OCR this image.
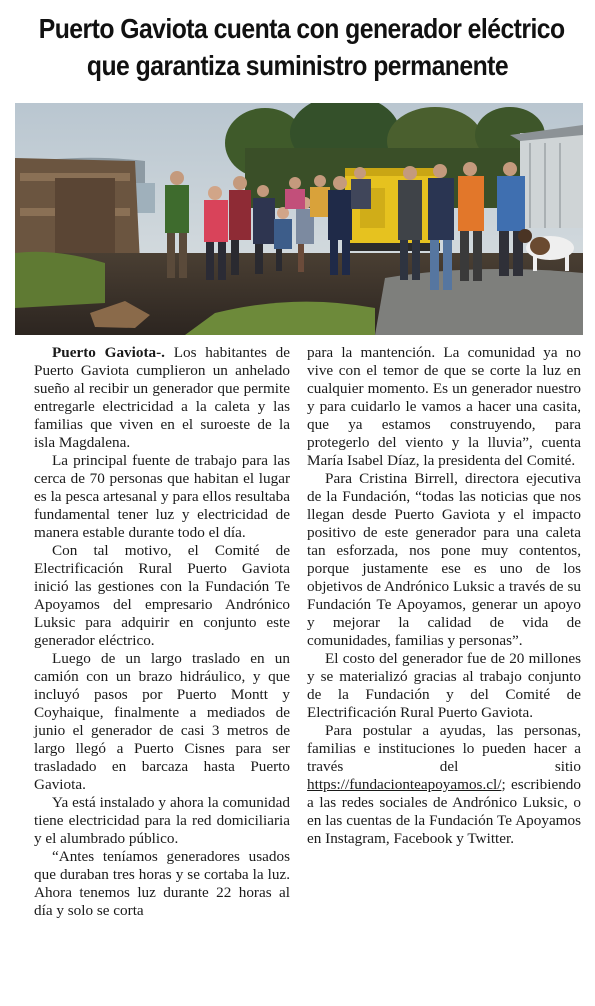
Puerto Gaviota cuenta con generador eléctrico
que garantiza suministro permanente

Puerto Gaviota-. Los habitantes de Puerto Gaviota cumplieron un anhelado sueño al recibir un generador que permite entregarle electricidad a la caleta y las familias que viven en el suroeste de la isla Magdalena.

La principal fuente de trabajo para las cerca de 70 personas que habitan el lugar es la pesca artesanal y para ellos resultaba fundamental tener luz y electricidad de manera estable durante todo el día.

Con tal motivo, el Comité de Electrificación Rural Puerto Gaviota inició las gestiones con la Fundación Te Apoyamos del empresario Andrónico Luksic para adquirir en conjunto este generador eléctrico.

Luego de un largo traslado en un camión con un brazo hidráulico, y que incluyó pasos por Puerto Montt y Coyhaique, finalmente a mediados de junio el generador de casi 3 metros de largo llegó a Puerto Cisnes para ser trasladado en barcaza hasta Puerto Gaviota.

Ya está instalado y ahora la comunidad tiene electricidad para la red domiciliaria y el alumbrado público.

“Antes teníamos generadores usados que duraban tres horas y se cortaba la luz. Ahora tenemos luz durante 22 horas al día y solo se corta

para la mantención. La comunidad ya no vive con el temor de que se corte la luz en cualquier momento. Es un generador nuestro y para cuidarlo le vamos a hacer una casita, que ya estamos construyendo, para protegerlo del viento y la lluvia”, cuenta María Isabel Díaz, la presidenta del Comité.

Para Cristina Birrell, directora ejecutiva de la Fundación, “todas las noticias que nos llegan desde Puerto Gaviota y el impacto positivo de este generador para una caleta tan esforzada, nos pone muy contentos, porque justamente ese es uno de los objetivos de Andrónico Luksic a través de su Fundación Te Apoyamos, generar un apoyo y mejorar la calidad de vida de comunidades, familias y personas”.

El costo del generador fue de 20 millones y se materializó gracias al trabajo conjunto de la Fundación y del Comité de Electrificación Rural Puerto Gaviota.

Para postular a ayudas, las personas, familias e instituciones lo pueden hacer a través del sitio https://fundacionteapoyamos.cl/; escribiendo a las redes sociales de Andrónico Luksic, o en las cuentas de la Fundación Te Apoyamos en Instagram, Facebook y Twitter.
